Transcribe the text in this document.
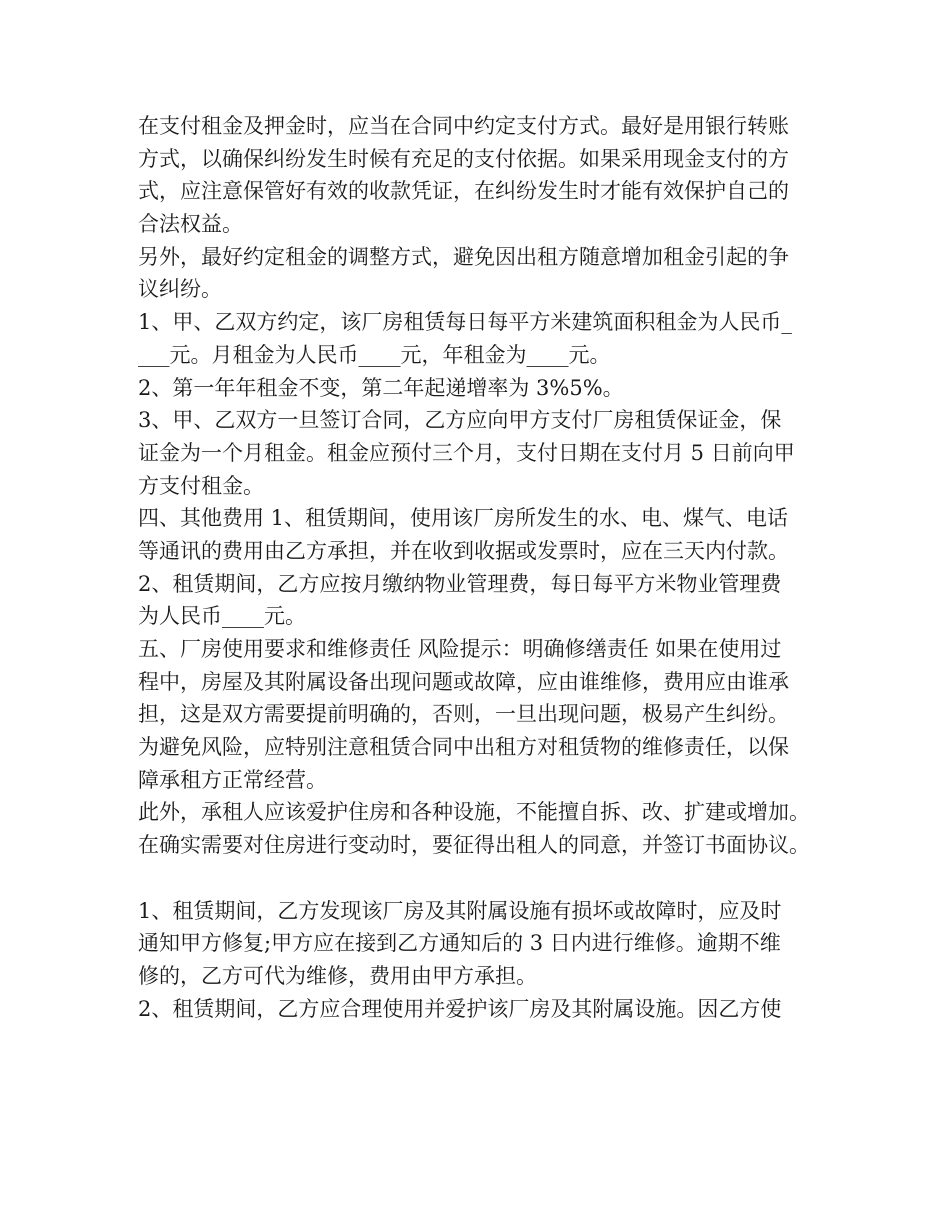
在支付租金及押金时，应当在合同中约定支付方式。最好是用银行转账
方式，以确保纠纷发生时候有充足的支付依据。如果采用现金支付的方
式，应注意保管好有效的收款凭证，在纠纷发生时才能有效保护自己的
合法权益。
另外，最好约定租金的调整方式，避免因出租方随意增加租金引起的争
议纠纷。
1、甲、乙双方约定，该厂房租赁每日每平方米建筑面积租金为人民币_
___元。月租金为人民币____元，年租金为____元。
2、第一年年租金不变，第二年起递增率为 3%5%。
3、甲、乙双方一旦签订合同，乙方应向甲方支付厂房租赁保证金，保
证金为一个月租金。租金应预付三个月，支付日期在支付月 5 日前向甲
方支付租金。
四、其他费用 1、租赁期间，使用该厂房所发生的水、电、煤气、电话
等通讯的费用由乙方承担，并在收到收据或发票时，应在三天内付款。
2、租赁期间，乙方应按月缴纳物业管理费，每日每平方米物业管理费
为人民币____元。
五、厂房使用要求和维修责任 风险提示：明确修缮责任 如果在使用过
程中，房屋及其附属设备出现问题或故障，应由谁维修，费用应由谁承
担，这是双方需要提前明确的，否则，一旦出现问题，极易产生纠纷。
为避免风险，应特别注意租赁合同中出租方对租赁物的维修责任，以保
障承租方正常经营。
此外，承租人应该爱护住房和各种设施，不能擅自拆、改、扩建或增加。
在确实需要对住房进行变动时，要征得出租人的同意，并签订书面协议。
1、租赁期间，乙方发现该厂房及其附属设施有损坏或故障时，应及时
通知甲方修复;甲方应在接到乙方通知后的 3 日内进行维修。逾期不维
修的，乙方可代为维修，费用由甲方承担。
2、租赁期间，乙方应合理使用并爱护该厂房及其附属设施。因乙方使
